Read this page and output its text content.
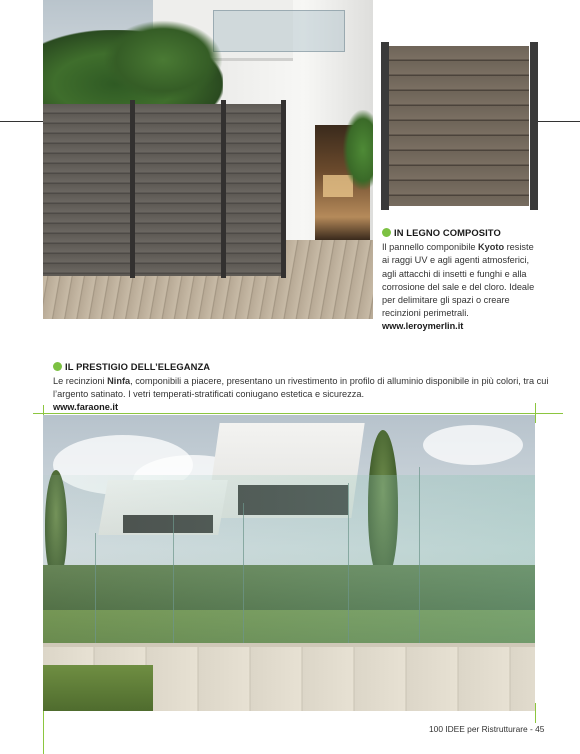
IN LEGNO COMPOSITO
Il pannello componibile Kyoto resiste ai raggi UV e agli agenti atmosferici, agli attacchi di insetti e funghi e alla corrosione del sale e del cloro. Ideale per delimitare gli spazi o creare recinzioni perimetrali.
www.leroymerlin.it
IL PRESTIGIO DELL’ELEGANZA
Le recinzioni Ninfa, componibili a piacere, presentano un rivestimento in profilo di alluminio disponibile in più colori, tra cui l’argento satinato. I vetri temperati-stratificati coniugano estetica e sicurezza.
www.faraone.it
100 IDEE per Ristrutturare - 45
